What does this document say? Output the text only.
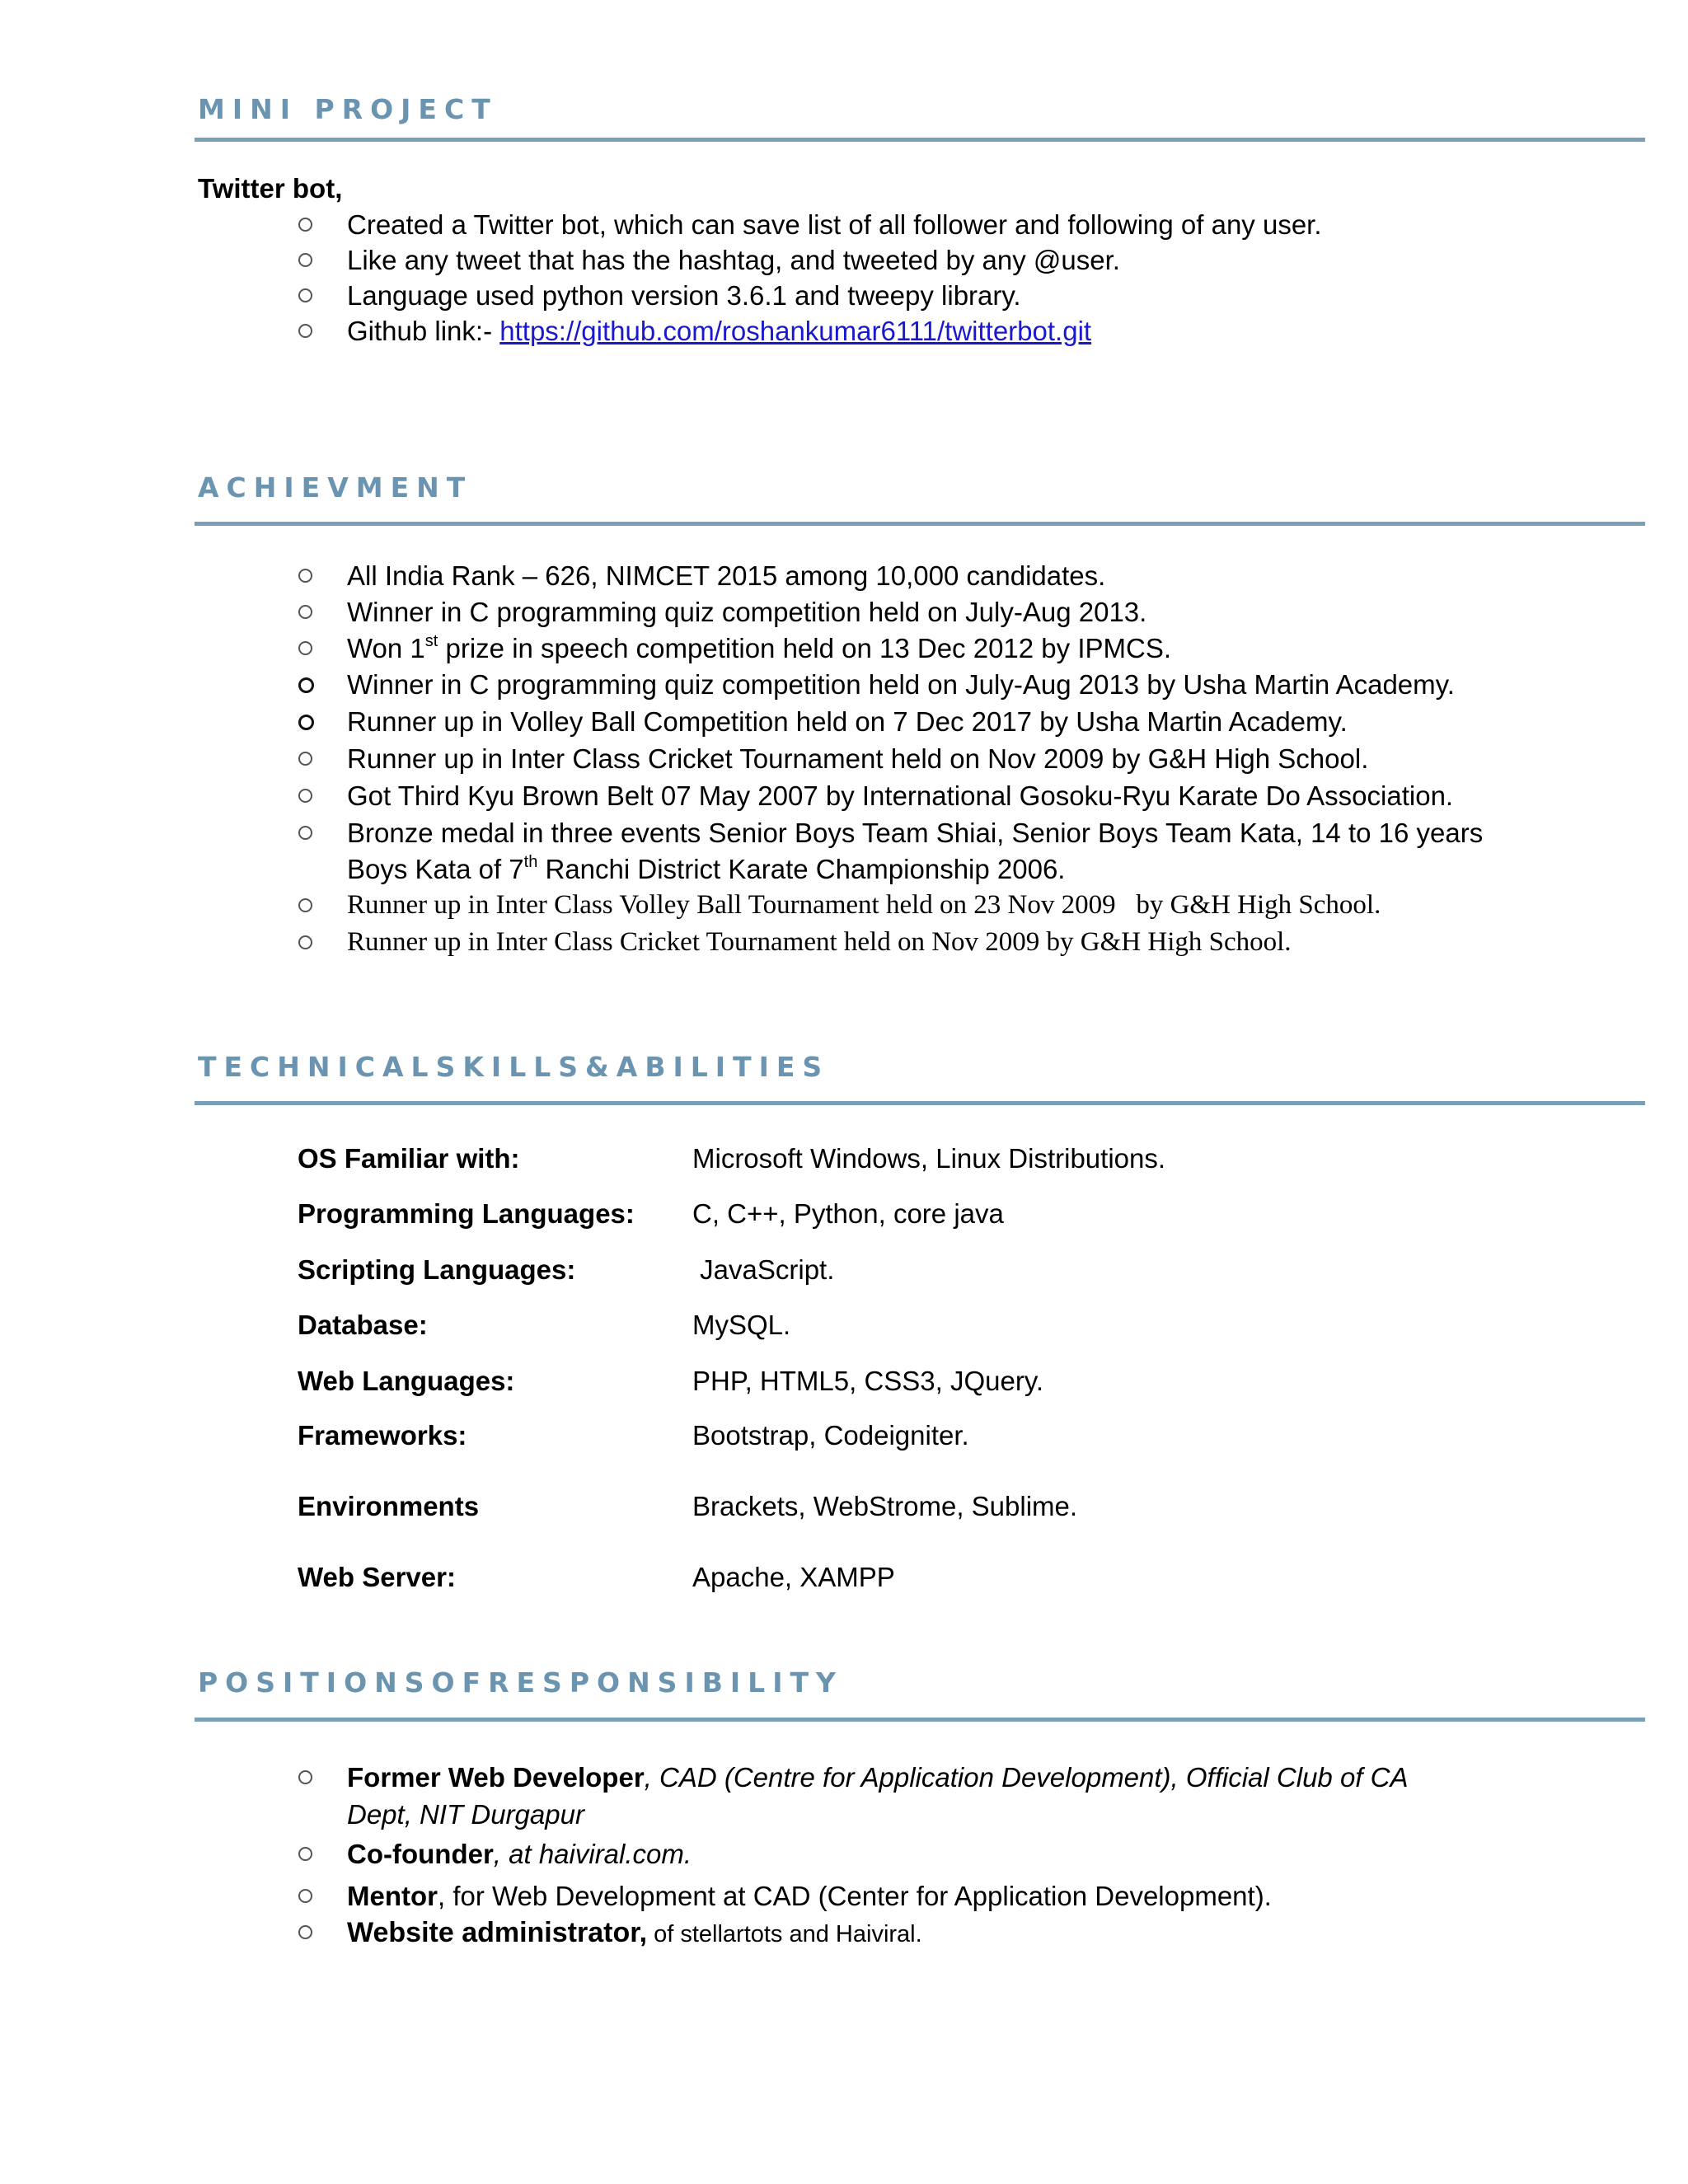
MINI PROJECT
Twitter bot,
Created a Twitter bot, which can save list of all follower and following of any user.
Like any tweet that has the hashtag, and tweeted by any @user.
Language used python version 3.6.1 and tweepy library.
Github link:- https://github.com/roshankumar6111/twitterbot.git
ACHIEVMENT
All India Rank – 626, NIMCET 2015 among 10,000 candidates.
Winner in C programming quiz competition held on July-Aug 2013.
Won 1st prize in speech competition held on 13 Dec 2012 by IPMCS.
Winner in C programming quiz competition held on July-Aug 2013 by Usha Martin Academy.
Runner up in Volley Ball Competition held on 7 Dec 2017 by Usha Martin Academy.
Runner up in Inter Class Cricket Tournament held on Nov 2009 by G&H High School.
Got Third Kyu Brown Belt 07 May 2007 by International Gosoku-Ryu Karate Do Association.
Bronze medal in three events Senior Boys Team Shiai, Senior Boys Team Kata, 14 to 16 years
Boys Kata of 7th Ranchi District Karate Championship 2006.
Runner up in Inter Class Volley Ball Tournament held on 23 Nov 2009   by G&H High School.
Runner up in Inter Class Cricket Tournament held on Nov 2009 by G&H High School.
TECHNICALSKILLS&ABILITIES
OS Familiar with:	Microsoft Windows, Linux Distributions.
Programming Languages: C, C++, Python, core java
Scripting Languages:	JavaScript.
Database:	MySQL.
Web Languages:	PHP, HTML5, CSS3, JQuery.
Frameworks:	Bootstrap, Codeigniter.
Environments	Brackets, WebStrome, Sublime.
Web Server:	Apache, XAMPP
POSITIONSOFRESPONSIBILITY
Former Web Developer, CAD (Centre for Application Development), Official Club of CA
Dept, NIT Durgapur
Co-founder, at haiviral.com.
Mentor, for Web Development at CAD (Center for Application Development).
Website administrator, of stellartots and Haiviral.
